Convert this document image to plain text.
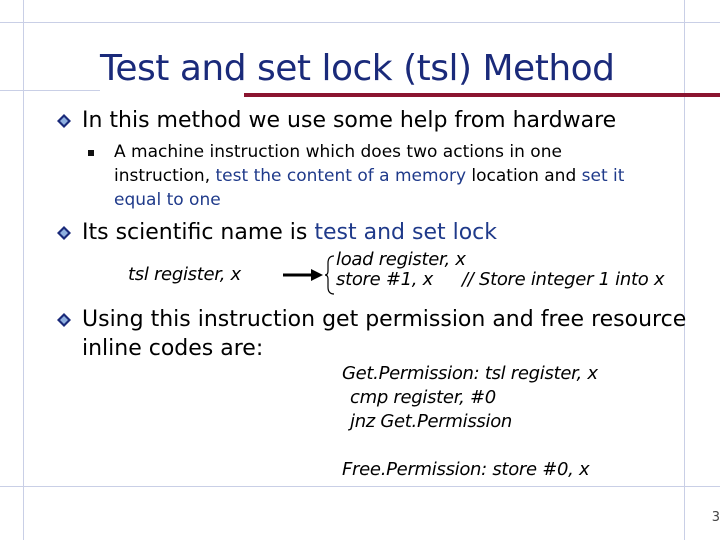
Test and set lock (tsl) Method
In this method we use some help from hardware
A machine instruction which does two actions in one
instruction, test the content of a memory location and set it
equal to one
Its scientific name is test and set lock
tsl register, x
load register, x
store #1, x // Store integer 1 into x
Using this instruction get permission and free resource
inline codes are:
Get.Permission: tsl register, x
cmp register, #0
jnz Get.Permission
Free.Permission: store #0, x
3
